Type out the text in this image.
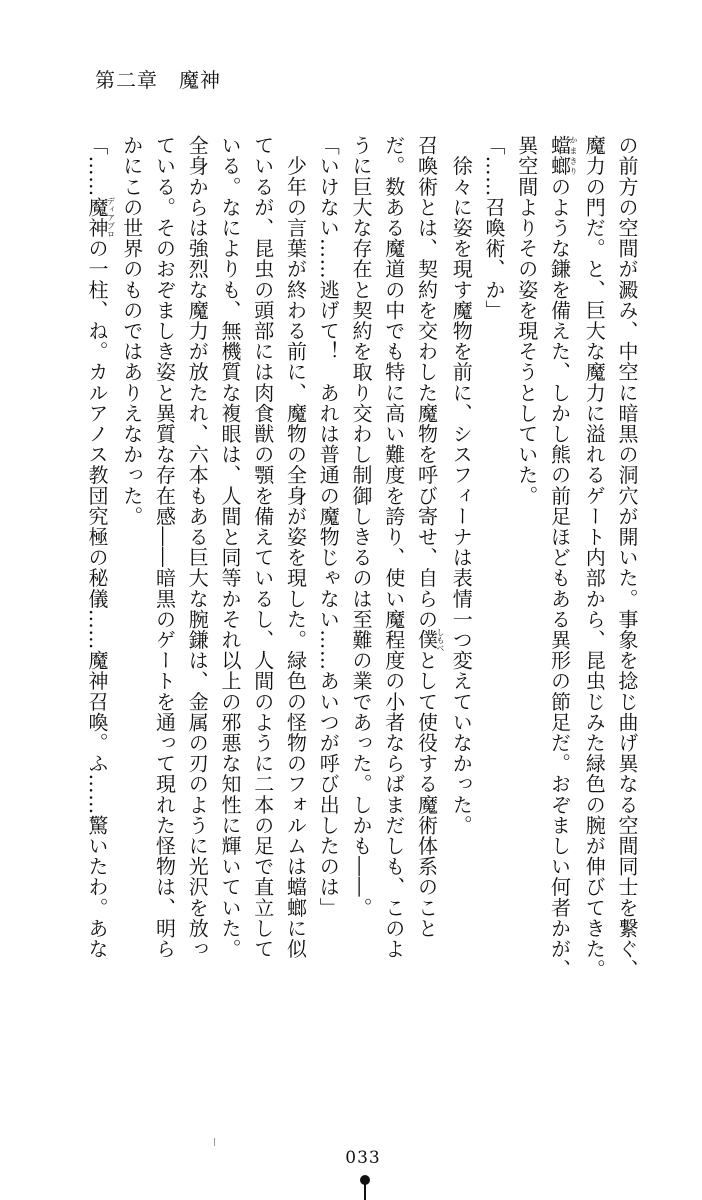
第二章　魔神
の前方の空間が澱み、中空に暗黒の洞穴が開いた。事象を捻じ曲げ異なる空間同士を繋ぐ、
魔力の門だ。と、巨大な魔力に溢れるゲート内部から、昆虫じみた緑色の腕が伸びてきた。
蟷螂かまきりのような鎌を備えた、しかし熊の前足ほどもある異形の節足だ。おぞましい何者かが、
異空間よりその姿を現そうとしていた。
「……召喚術、か」
　徐々に姿を現す魔物を前に、シスフィーナは表情一つ変えていなかった。
召喚術とは、契約を交わした魔物を呼び寄せ、自らの僕しもべとして使役する魔術体系のこと
だ。数ある魔道の中でも特に高い難度を誇り、使い魔程度の小者ならばまだしも、このよ
うに巨大な存在と契約を取り交わし制御しきるのは至難の業であった。しかも――。
「いけない……逃げて！　あれは普通の魔物じゃない……あいつが呼び出したのは」
　少年の言葉が終わる前に、魔物の全身が姿を現した。緑色の怪物のフォルムは蟷螂に似
ているが、昆虫の頭部には肉食獣の顎を備えているし、人間のように二本の足で直立して
いる。なによりも、無機質な複眼は、人間と同等かそれ以上の邪悪な知性に輝いていた。
全身からは強烈な魔力が放たれ、六本もある巨大な腕鎌は、金属の刃のように光沢を放っ
ている。そのおぞましき姿と異質な存在感――暗黒のゲートを通って現れた怪物は、明ら
かにこの世界のものではありえなかった。
「……魔神ディアブロの一柱、ね。カルアノス教団究極の秘儀……魔神召喚。ふ……驚いたわ。あな
033
